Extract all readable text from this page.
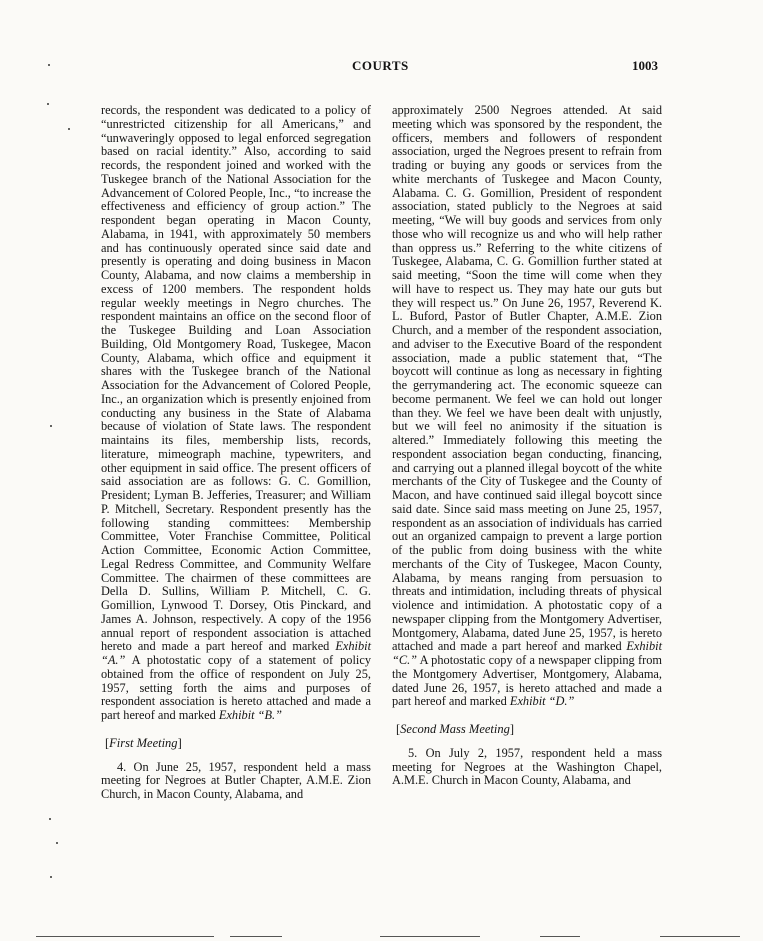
COURTS	1003

records, the respondent was dedicated to a policy of “unrestricted citizenship for all Americans,” and “unwaveringly opposed to legal enforced segregation based on racial identity.” Also, according to said records, the respondent joined and worked with the Tuskegee branch of the National Association for the Advancement of Colored People, Inc., “to increase the effectiveness and efficiency of group action.” The respondent began operating in Macon County, Alabama, in 1941, with approximately 50 members and has continuously operated since said date and presently is operating and doing business in Macon County, Alabama, and now claims a membership in excess of 1200 members. The respondent holds regular weekly meetings in Negro churches. The respondent maintains an office on the second floor of the Tuskegee Building and Loan Association Building, Old Montgomery Road, Tuskegee, Macon County, Alabama, which office and equipment it shares with the Tuskegee branch of the National Association for the Advancement of Colored People, Inc., an organization which is presently enjoined from conducting any business in the State of Alabama because of violation of State laws. The respondent maintains its files, membership lists, records, literature, mimeograph machine, typewriters, and other equipment in said office. The present officers of said association are as follows: G. C. Gomillion, President; Lyman B. Jefferies, Treasurer; and William P. Mitchell, Secretary. Respondent presently has the following standing committees: Membership Committee, Voter Franchise Committee, Political Action Committee, Economic Action Committee, Legal Redress Committee, and Community Welfare Committee. The chairmen of these committees are Della D. Sullins, William P. Mitchell, C. G. Gomillion, Lynwood T. Dorsey, Otis Pinckard, and James A. Johnson, respectively. A copy of the 1956 annual report of respondent association is attached hereto and made a part hereof and marked Exhibit “A.” A photostatic copy of a statement of policy obtained from the office of respondent on July 25, 1957, setting forth the aims and purposes of respondent association is hereto attached and made a part hereof and marked Exhibit “B.”

[First Meeting]

4. On June 25, 1957, respondent held a mass meeting for Negroes at Butler Chapter, A.M.E. Zion Church, in Macon County, Alabama, and

approximately 2500 Negroes attended. At said meeting which was sponsored by the respondent, the officers, members and followers of respondent association, urged the Negroes present to refrain from trading or buying any goods or services from the white merchants of Tuskegee and Macon County, Alabama. C. G. Gomillion, President of respondent association, stated publicly to the Negroes at said meeting, “We will buy goods and services from only those who will recognize us and who will help rather than oppress us.” Referring to the white citizens of Tuskegee, Alabama, C. G. Gomillion further stated at said meeting, “Soon the time will come when they will have to respect us. They may hate our guts but they will respect us.” On June 26, 1957, Reverend K. L. Buford, Pastor of Butler Chapter, A.M.E. Zion Church, and a member of the respondent association, and adviser to the Executive Board of the respondent association, made a public statement that, “The boycott will continue as long as necessary in fighting the gerrymandering act. The economic squeeze can become permanent. We feel we can hold out longer than they. We feel we have been dealt with unjustly, but we will feel no animosity if the situation is altered.” Immediately following this meeting the respondent association began conducting, financing, and carrying out a planned illegal boycott of the white merchants of the City of Tuskegee and the County of Macon, and have continued said illegal boycott since said date. Since said mass meeting on June 25, 1957, respondent as an association of individuals has carried out an organized campaign to prevent a large portion of the public from doing business with the white merchants of the City of Tuskegee, Macon County, Alabama, by means ranging from persuasion to threats and intimidation, including threats of physical violence and intimidation. A photostatic copy of a newspaper clipping from the Montgomery Advertiser, Montgomery, Alabama, dated June 25, 1957, is hereto attached and made a part hereof and marked Exhibit “C.” A photostatic copy of a newspaper clipping from the Montgomery Advertiser, Montgomery, Alabama, dated June 26, 1957, is hereto attached and made a part hereof and marked Exhibit “D.”

[Second Mass Meeting]

5. On July 2, 1957, respondent held a mass meeting for Negroes at the Washington Chapel, A.M.E. Church in Macon County, Alabama, and
